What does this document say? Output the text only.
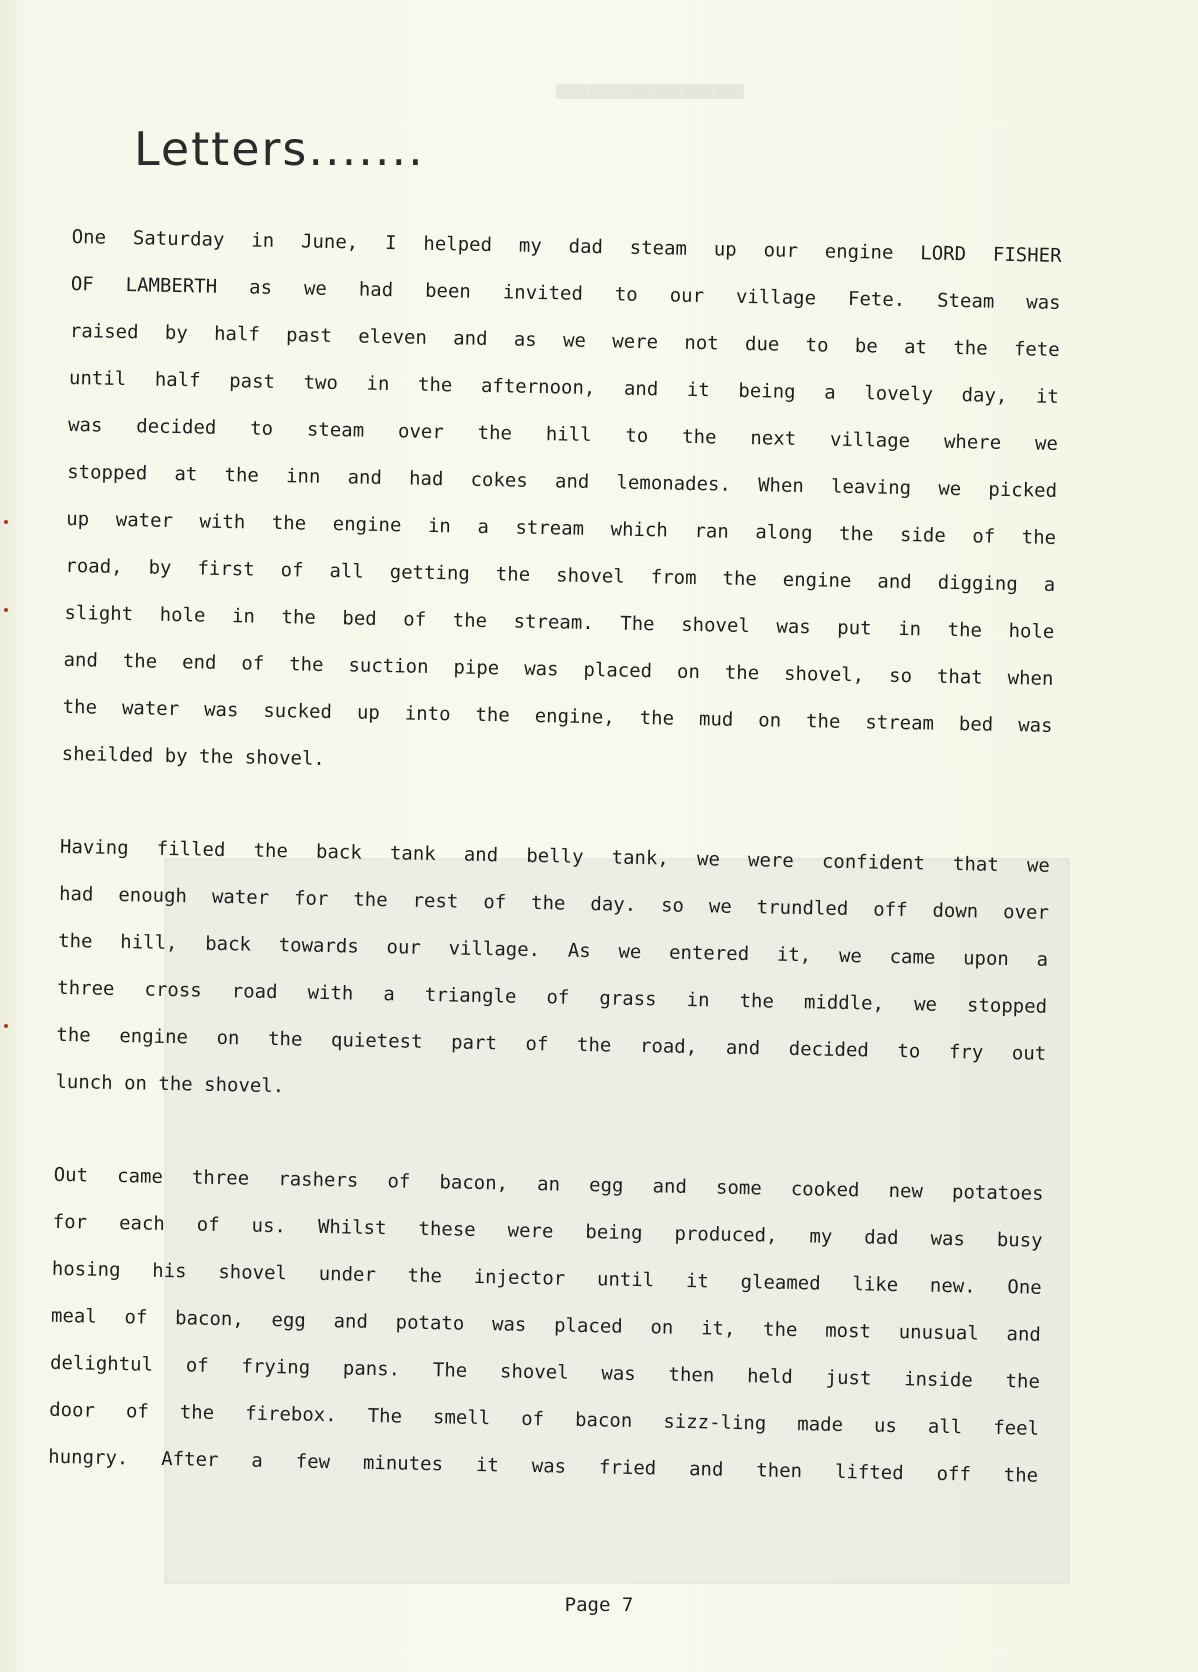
▬▬▬▬▬▬
Letters.......
One Saturday in June, I helped my dad steam up our engine LORD FISHER
OF LAMBERTH as we had been invited to our village Fete. Steam was
raised by half past eleven and as we were not due to be at the fete
until half past two in the afternoon, and it being a lovely day, it
was decided to steam over the hill to the next village where we
stopped at the inn and had cokes and lemonades. When leaving we picked
up water with the engine in a stream which ran along the side of the
road, by first of all getting the shovel from the engine and digging a
slight hole in the bed of the stream. The shovel was put in the hole
and the end of the suction pipe was placed on the shovel, so that when
the water was sucked up into the engine, the mud on the stream bed was
sheilded by the shovel.
Having filled the back tank and belly tank, we were confident that we
had enough water for the rest of the day. so we trundled off down over
the hill, back towards our village. As we entered it, we came upon a
three cross road with a triangle of grass in the middle, we stopped
the engine on the quietest part of the road, and decided to fry out
lunch on the shovel.
Out came three rashers of bacon, an egg and some cooked new potatoes
for each of us. Whilst these were being produced, my dad was busy
hosing his shovel under the injector until it gleamed like new. One
meal of bacon, egg and potato was placed on it, the most unusual and
delightul of frying pans. The shovel was then held just inside the
door of the firebox. The smell of bacon sizz-ling made us all feel
hungry. After a few minutes it was fried and then lifted off the

Page 7
